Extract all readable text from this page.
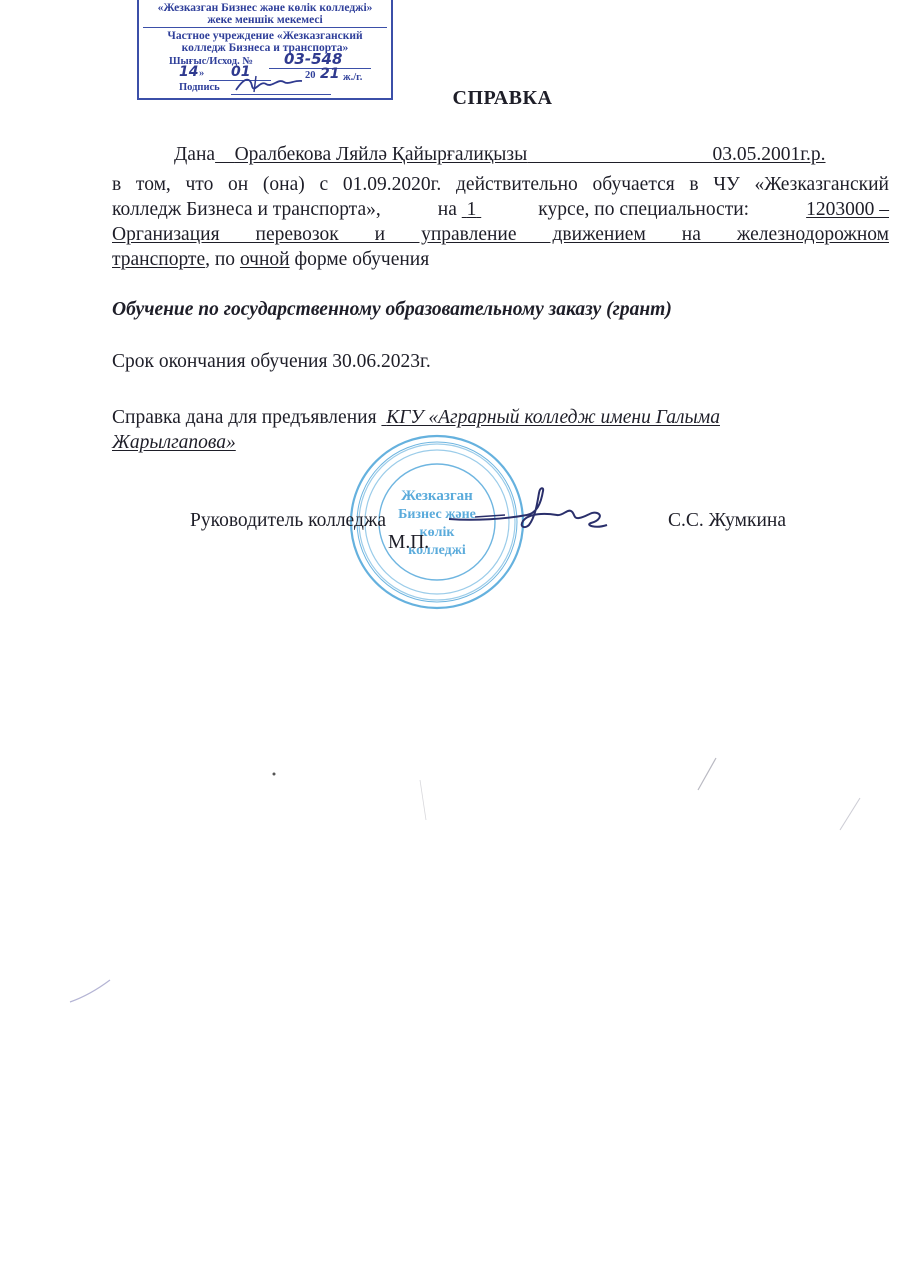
«Жезказган Бизнес және көлік колледжі»
жеке меншік мекемесі
Частное учреждение «Жезказганский
колледж Бизнеса и транспорта»
Шығыс/Исход. № 03-548
14 » 01	20 21 ж./г.
Подпись	СПРАВКА
Дана Оралбекова Ляйлә Қайырғалиқызы	03.05.2001г.р.
в том, что он (она) с 01.09.2020г. действительно обучается в ЧУ «Жезказганский
колледж Бизнеса и транспорта»,	на 1	курсе, по специальности:	1203000 –
Организация перевозок и управление движением на железнодорожном
транспорте, по очной форме обучения
Обучение по государственному образовательному заказу (грант)
Срок окончания обучения 30.06.2023г.
Справка дана для предъявления КГУ «Аграрный колледж имени Галыма
Жарылгапова»
Жезказган
Бизнес және
көлік
колледжі
Руководитель колледжа
М.П.
С.С. Жумкина
